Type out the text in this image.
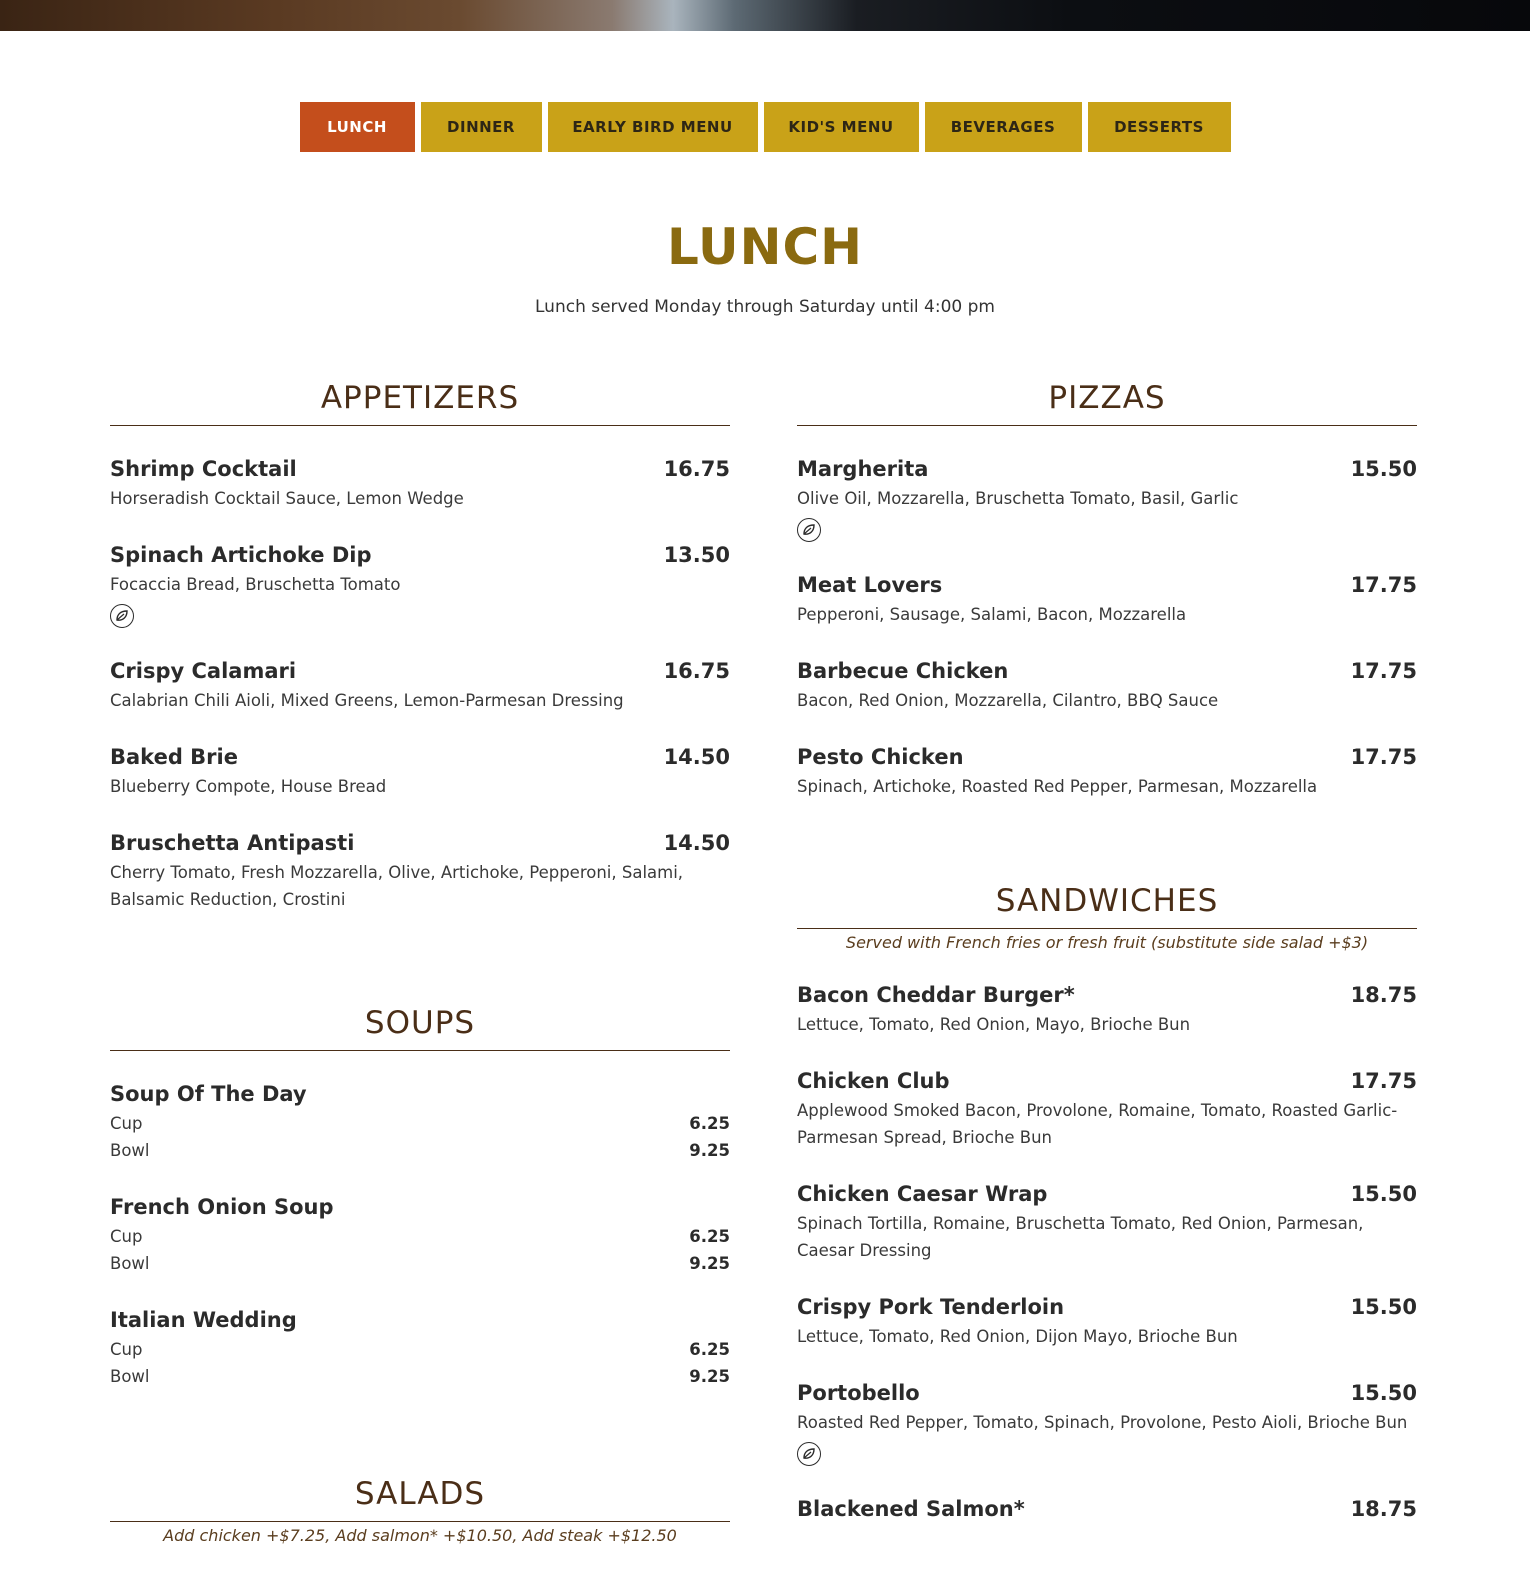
LUNCH	DINNER	EARLY BIRD MENU	KID'S MENU	BEVERAGES	DESSERTS
LUNCH
Lunch served Monday through Saturday until 4:00 pm
APPETIZERS
Shrimp Cocktail	16.75
Horseradish Cocktail Sauce, Lemon Wedge
Spinach Artichoke Dip	13.50
Focaccia Bread, Bruschetta Tomato
Crispy Calamari	16.75
Calabrian Chili Aioli, Mixed Greens, Lemon-Parmesan Dressing
Baked Brie	14.50
Blueberry Compote, House Bread
Bruschetta Antipasti	14.50
Cherry Tomato, Fresh Mozzarella, Olive, Artichoke, Pepperoni, Salami, Balsamic Reduction, Crostini
SOUPS
Soup Of The Day
Cup	6.25
Bowl	9.25
French Onion Soup
Cup	6.25
Bowl	9.25
Italian Wedding
Cup	6.25
Bowl	9.25
SALADS
Add chicken +$7.25, Add salmon* +$10.50, Add steak +$12.50
PIZZAS
Margherita	15.50
Olive Oil, Mozzarella, Bruschetta Tomato, Basil, Garlic
Meat Lovers	17.75
Pepperoni, Sausage, Salami, Bacon, Mozzarella
Barbecue Chicken	17.75
Bacon, Red Onion, Mozzarella, Cilantro, BBQ Sauce
Pesto Chicken	17.75
Spinach, Artichoke, Roasted Red Pepper, Parmesan, Mozzarella
SANDWICHES
Served with French fries or fresh fruit (substitute side salad +$3)
Bacon Cheddar Burger*	18.75
Lettuce, Tomato, Red Onion, Mayo, Brioche Bun
Chicken Club	17.75
Applewood Smoked Bacon, Provolone, Romaine, Tomato, Roasted Garlic-Parmesan Spread, Brioche Bun
Chicken Caesar Wrap	15.50
Spinach Tortilla, Romaine, Bruschetta Tomato, Red Onion, Parmesan, Caesar Dressing
Crispy Pork Tenderloin	15.50
Lettuce, Tomato, Red Onion, Dijon Mayo, Brioche Bun
Portobello	15.50
Roasted Red Pepper, Tomato, Spinach, Provolone, Pesto Aioli, Brioche Bun
Blackened Salmon*	18.75
